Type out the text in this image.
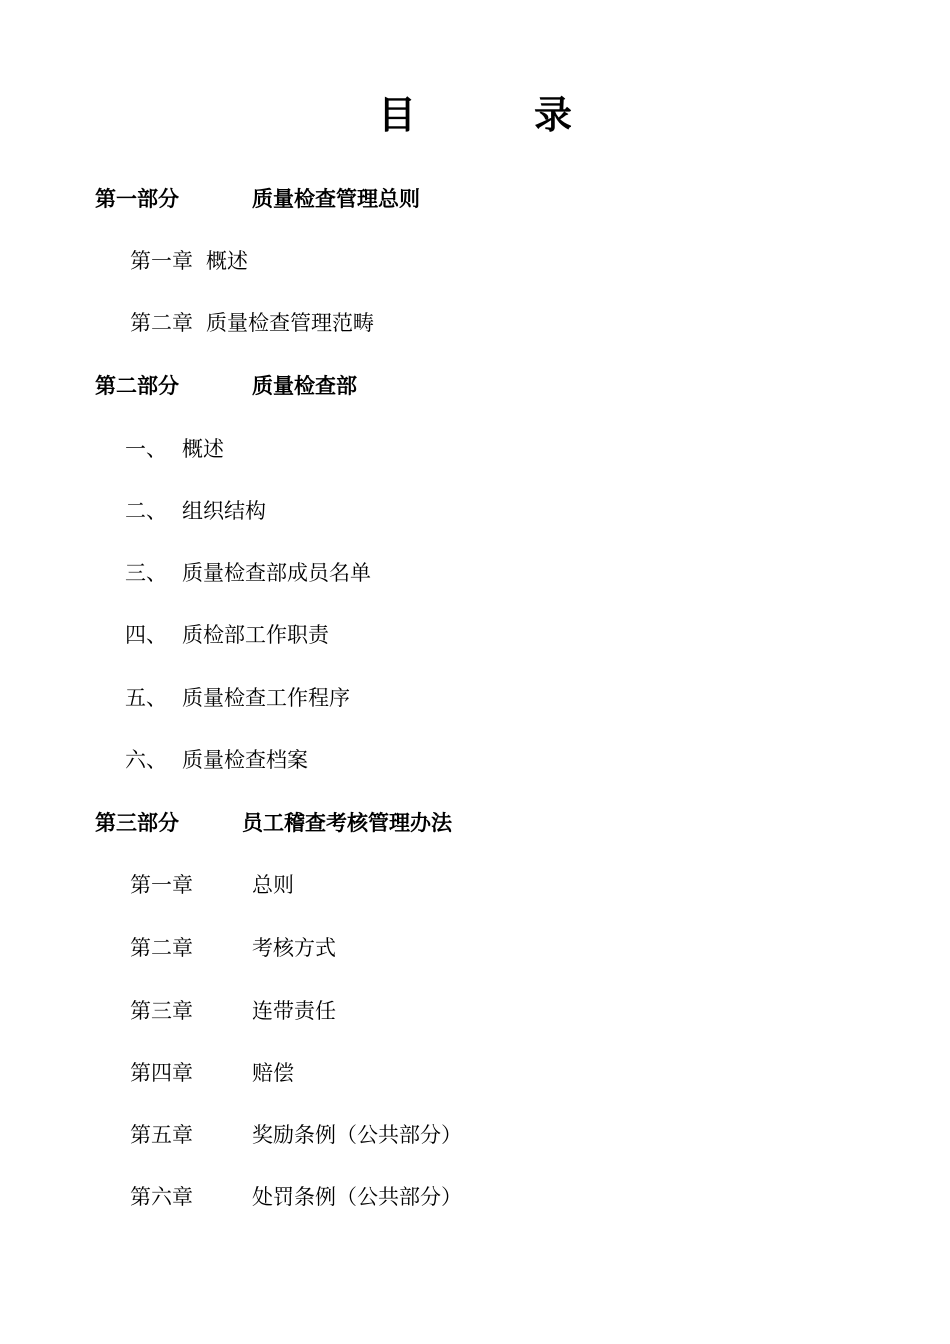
目	录
第一部分	质量检查管理总则
第一章 概述
第二章 质量检查管理范畴
第二部分	质量检查部
一、 概述
二、 组织结构
三、 质量检查部成员名单
四、 质检部工作职责
五、 质量检查工作程序
六、 质量检查档案
第三部分	员工稽查考核管理办法
第一章	总则
第二章	考核方式
第三章	连带责任
第四章	赔偿
第五章	奖励条例（公共部分）
第六章	处罚条例（公共部分）
